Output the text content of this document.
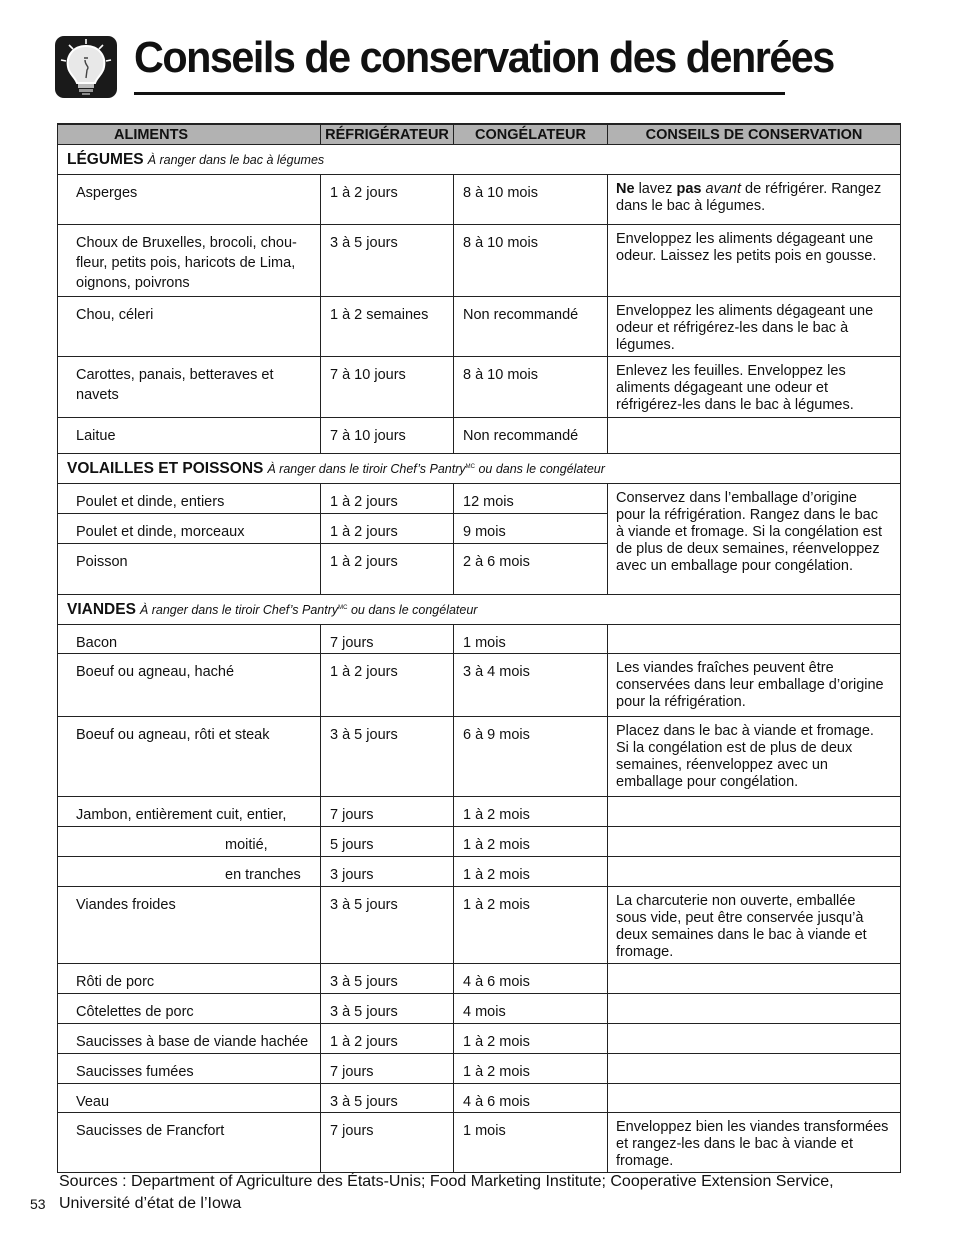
Conseils de conservation des denrées
ALIMENTS	RÉFRIGÉRATEUR	CONGÉLATEUR	CONSEILS DE CONSERVATION
LÉGUMES À ranger dans le bac à légumes			
Asperges	1 à 2 jours	8 à 10 mois	Ne lavez pas avant de réfrigérer. Rangez dans le bac à légumes.
Choux de Bruxelles, brocoli, chou-fleur, petits pois, haricots de Lima, oignons, poivrons	3 à 5 jours	8 à 10 mois	Enveloppez les aliments dégageant une odeur. Laissez les petits pois en gousse.
Chou, céleri	1 à 2 semaines	Non recommandé	Enveloppez les aliments dégageant une odeur et réfrigérez-les dans le bac à légumes.
Carottes, panais, betteraves et navets	7 à 10 jours	8 à 10 mois	Enlevez les feuilles. Enveloppez les aliments dégageant une odeur et réfrigérez-les dans le bac à légumes.
Laitue	7 à 10 jours	Non recommandé	
VOLAILLES ET POISSONS À ranger dans le tiroir Chef’s Pantry$^{MC}$ ou dans le congélateur			
Poulet et dinde, entiers	1 à 2 jours	12 mois	Conservez dans l’emballage d’origine pour la réfrigération. Rangez dans le bac à viande et fromage. Si la congélation est de plus de deux semaines, réenveloppez avec un emballage pour congélation.
Poulet et dinde, morceaux	1 à 2 jours	9 mois	
Poisson	1 à 2 jours	2 à 6 mois	
VIANDES À ranger dans le tiroir Chef’s Pantry$^{MC}$ ou dans le congélateur			
Bacon	7 jours	1 mois	
Boeuf ou agneau, haché	1 à 2 jours	3 à 4 mois	Les viandes fraîches peuvent être conservées dans leur emballage d’origine pour la réfrigération.
Boeuf ou agneau, rôti et steak	3 à 5 jours	6 à 9 mois	Placez dans le bac à viande et fromage. Si la congélation est de plus de deux semaines, réenveloppez avec un emballage pour congélation.
Jambon, entièrement cuit, entier,	7 jours	1 à 2 mois	
moitié,	5 jours	1 à 2 mois	
en tranches	3 jours	1 à 2 mois	
Viandes froides	3 à 5 jours	1 à 2 mois	La charcuterie non ouverte, emballée sous vide, peut être conservée jusqu’à deux semaines dans le bac à viande et fromage.
Rôti de porc	3 à 5 jours	4 à 6 mois	
Côtelettes de porc	3 à 5 jours	4 mois	
Saucisses à base de viande hachée	1 à 2 jours	1 à 2 mois	
Saucisses fumées	7 jours	1 à 2 mois	
Veau	3 à 5 jours	4 à 6 mois	
Saucisses de Francfort	7 jours	1 mois	Enveloppez bien les viandes transformées et rangez-les dans le bac à viande et fromage.
Sources : Department of Agriculture des États-Unis; Food Marketing Institute; Cooperative Extension Service,
Université d’état de l’Iowa
53
